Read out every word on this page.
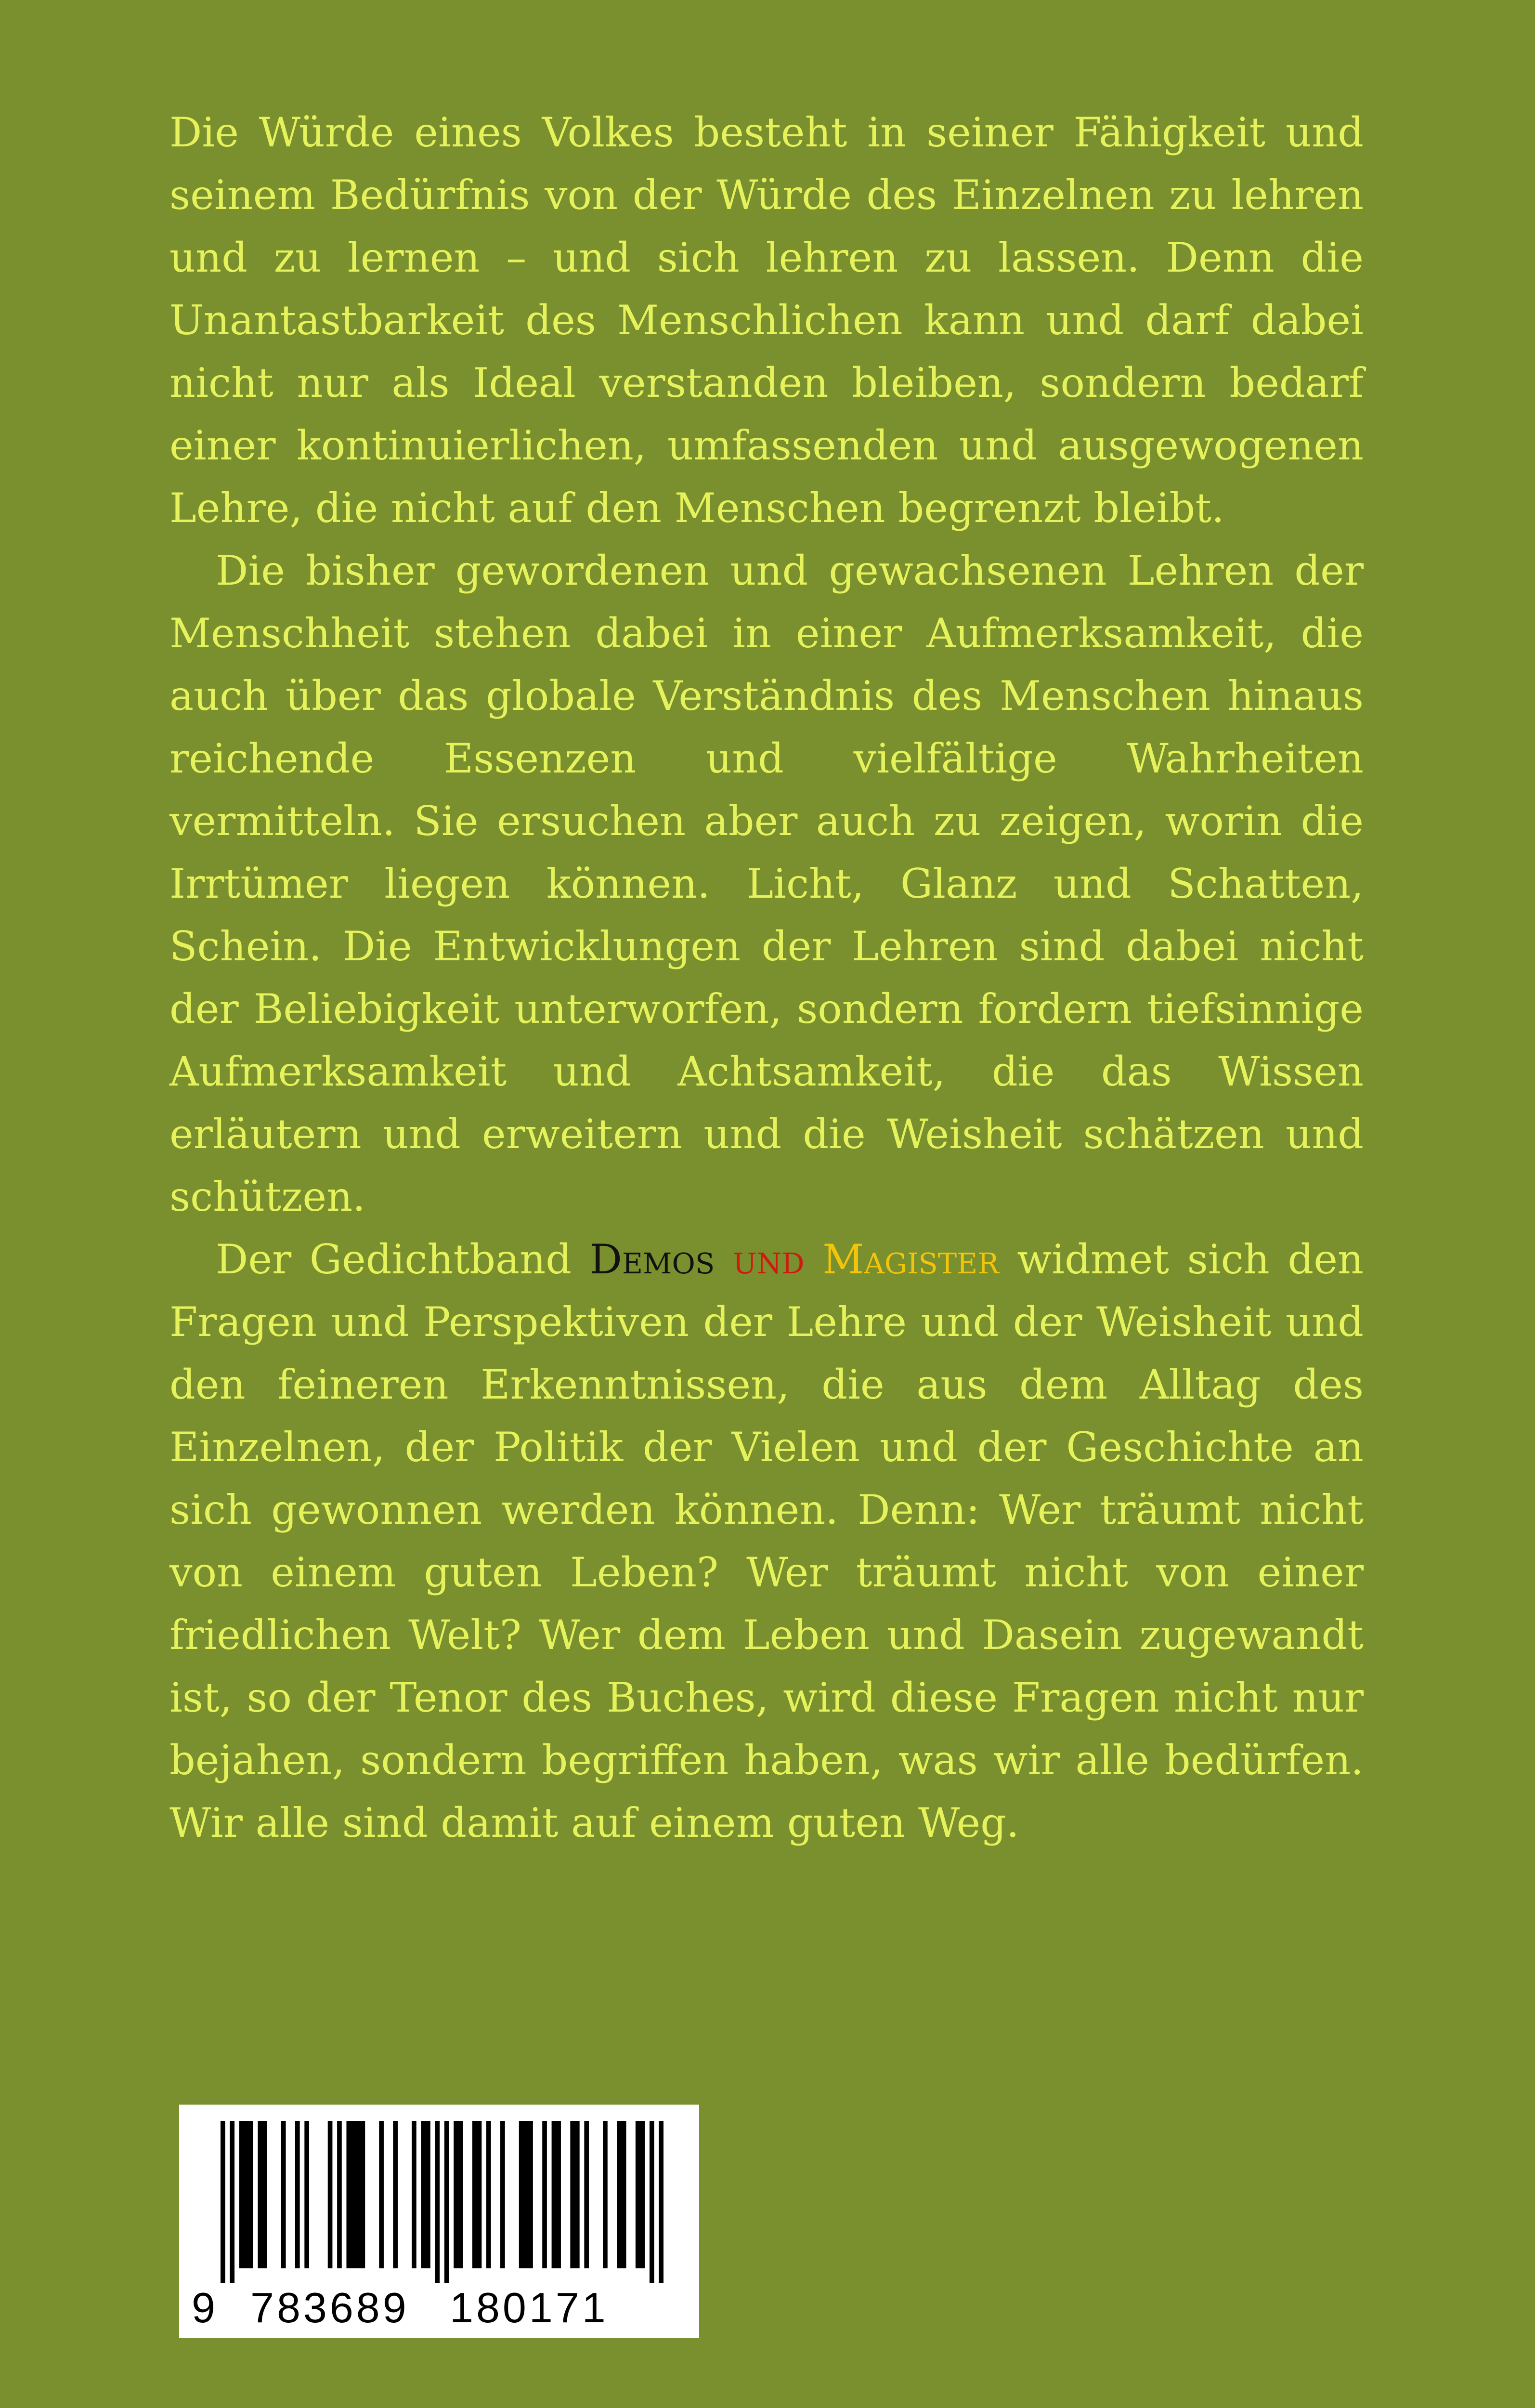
Die Würde eines Volkes besteht in seiner Fähigkeit und seinem Bedürfnis von der Würde des Einzelnen zu lehren und zu lernen – und sich lehren zu lassen. Denn die Unantastbarkeit des Menschlichen kann und darf dabei nicht nur als Ideal verstanden bleiben, sondern bedarf einer kontinuierlichen, umfassenden und ausgewogenen Lehre, die nicht auf den Menschen begrenzt bleibt.

Die bisher gewordenen und gewachsenen Lehren der Menschheit stehen dabei in einer Aufmerksamkeit, die auch über das globale Verständnis des Menschen hinaus reichende Essenzen und vielfältige Wahrheiten vermitteln. Sie ersuchen aber auch zu zeigen, worin die Irrtümer liegen können. Licht, Glanz und Schatten, Schein. Die Entwicklungen der Lehren sind dabei nicht der Beliebigkeit unterworfen, sondern fordern tiefsinnige Aufmerksamkeit und Achtsamkeit, die das Wissen erläutern und erweitern und die Weisheit schätzen und schützen.

Der Gedichtband Demos und Magister widmet sich den Fragen und Perspektiven der Lehre und der Weisheit und den feineren Erkenntnissen, die aus dem Alltag des Einzelnen, der Politik der Vielen und der Geschichte an sich gewonnen werden können. Denn: Wer träumt nicht von einem guten Leben? Wer träumt nicht von einer friedlichen Welt? Wer dem Leben und Dasein zugewandt ist, so der Tenor des Buches, wird diese Fragen nicht nur bejahen, sondern begriffen haben, was wir alle bedürfen. Wir alle sind damit auf einem guten Weg.

9 783689 180171
